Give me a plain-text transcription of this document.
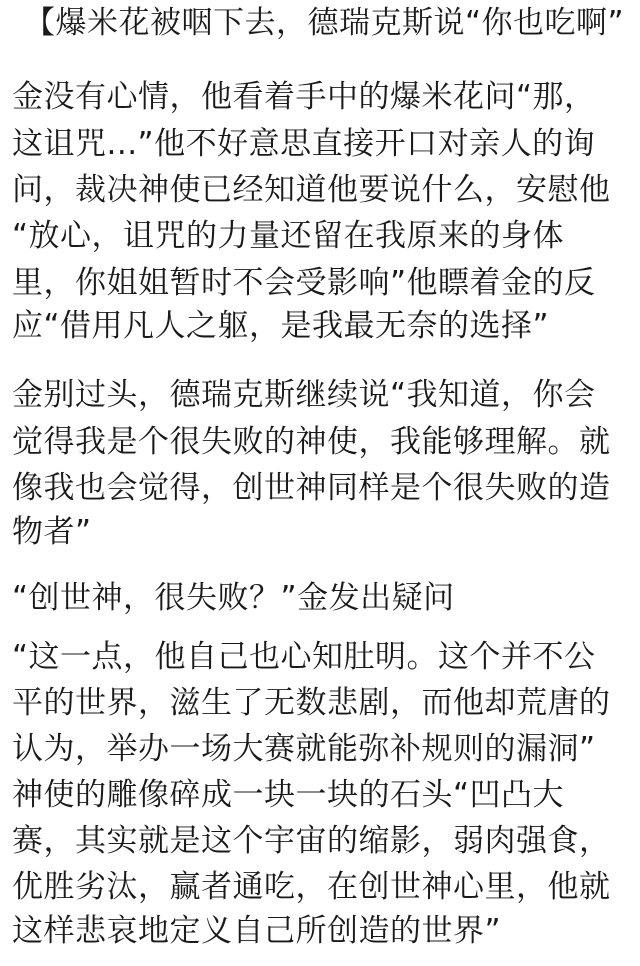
【爆米花被咽下去，德瑞克斯说“你也吃啊”
金没有心情，他看着手中的爆米花问“那，
这诅咒...”他不好意思直接开口对亲人的询
问，裁决神使已经知道他要说什么，安慰他
“放心，诅咒的力量还留在我原来的身体
里，你姐姐暂时不会受影响”他瞟着金的反
应“借用凡人之躯，是我最无奈的选择”
金别过头，德瑞克斯继续说“我知道，你会
觉得我是个很失败的神使，我能够理解。就
像我也会觉得，创世神同样是个很失败的造
物者”
“创世神，很失败？”金发出疑问
“这一点，他自己也心知肚明。这个并不公
平的世界，滋生了无数悲剧，而他却荒唐的
认为，举办一场大赛就能弥补规则的漏洞”
神使的雕像碎成一块一块的石头“凹凸大
赛，其实就是这个宇宙的缩影，弱肉强食，
优胜劣汰，赢者通吃，在创世神心里，他就
这样悲哀地定义自己所创造的世界”
